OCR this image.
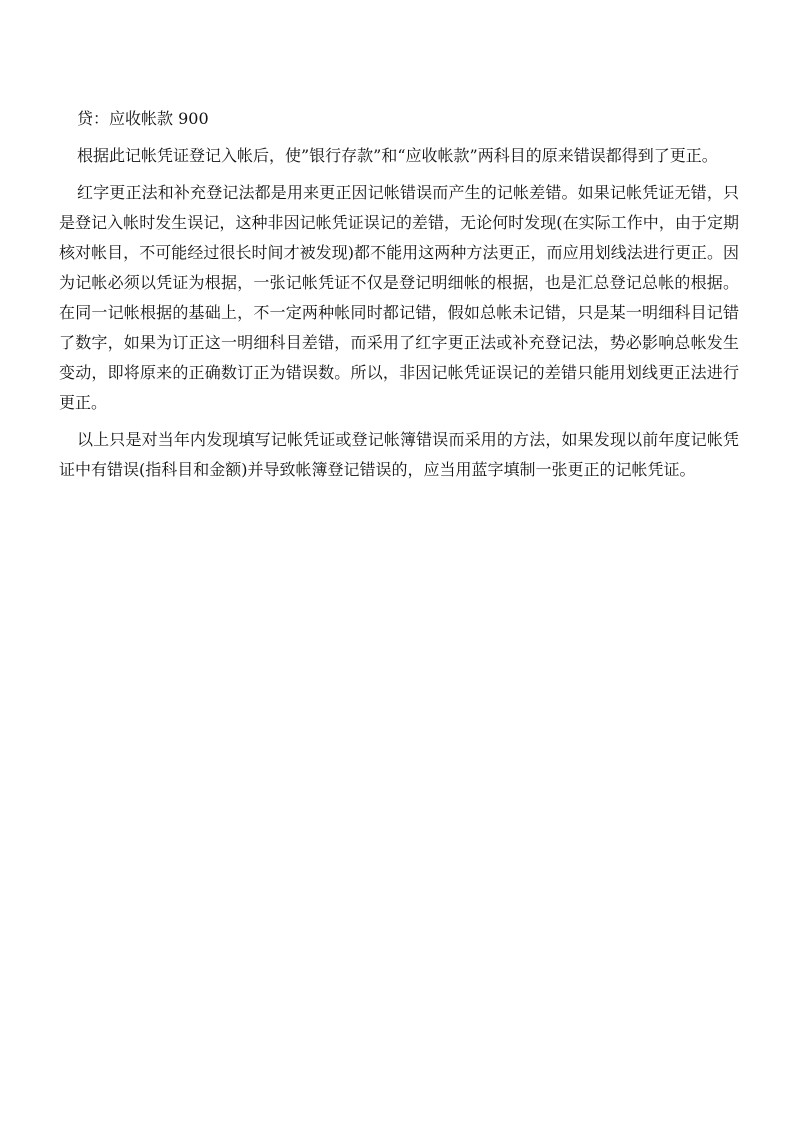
贷：应收帐款 900

根据此记帐凭证登记入帐后，使”银行存款”和“应收帐款”两科目的原来错误都得到了更正。

红字更正法和补充登记法都是用来更正因记帐错误而产生的记帐差错。如果记帐凭证无错，只是登记入帐时发生误记，这种非因记帐凭证误记的差错，无论何时发现(在实际工作中，由于定期核对帐目，不可能经过很长时间才被发现)都不能用这两种方法更正，而应用划线法进行更正。因为记帐必须以凭证为根据，一张记帐凭证不仅是登记明细帐的根据，也是汇总登记总帐的根据。在同一记帐根据的基础上，不一定两种帐同时都记错，假如总帐未记错，只是某一明细科目记错了数字，如果为订正这一明细科目差错，而采用了红字更正法或补充登记法，势必影响总帐发生变动，即将原来的正确数订正为错误数。所以，非因记帐凭证误记的差错只能用划线更正法进行更正。

以上只是对当年内发现填写记帐凭证或登记帐簿错误而采用的方法，如果发现以前年度记帐凭证中有错误(指科目和金额)并导致帐簿登记错误的，应当用蓝字填制一张更正的记帐凭证。
